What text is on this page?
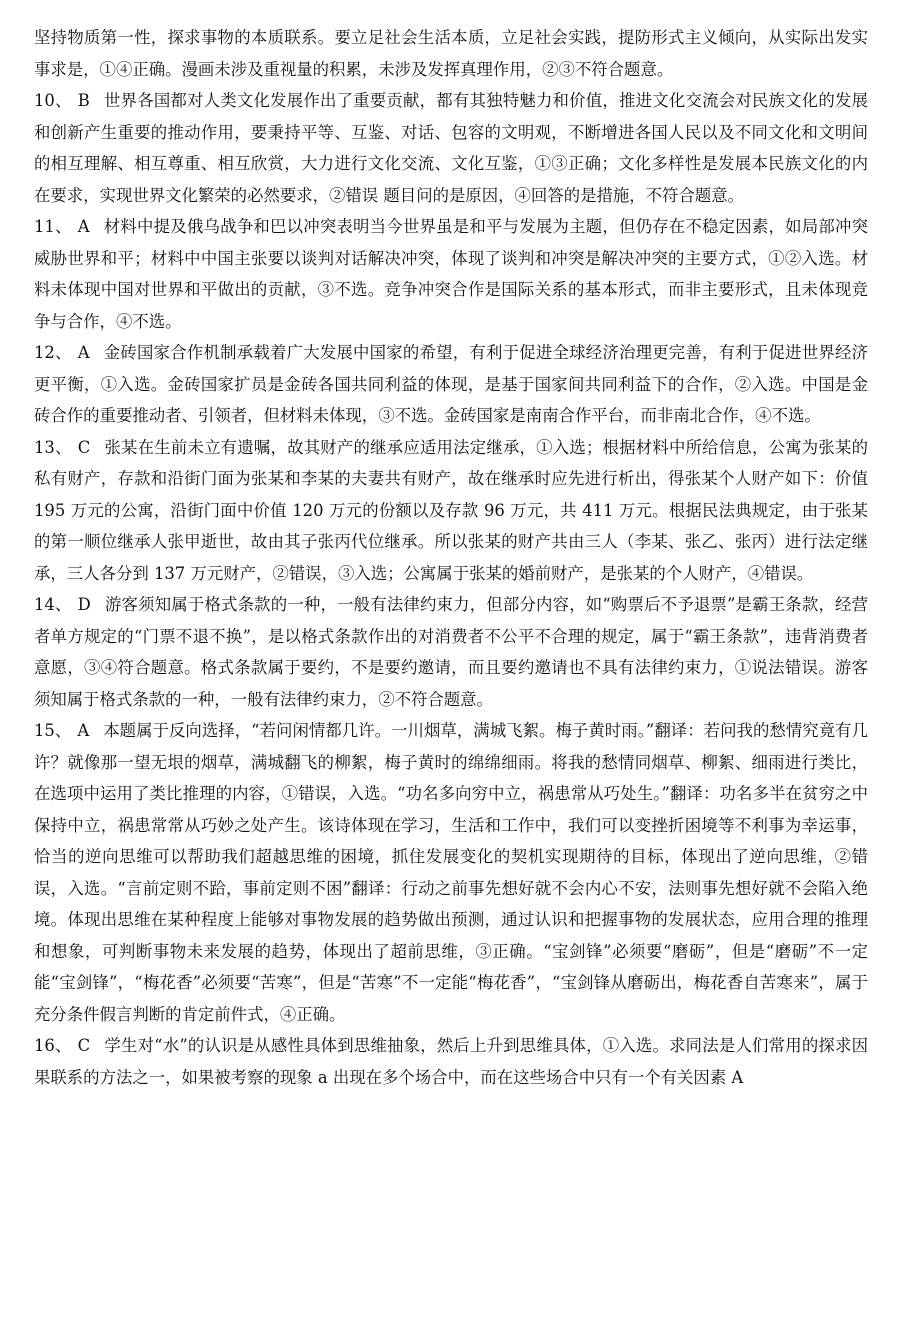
坚持物质第一性，探求事物的本质联系。要立足社会生活本质，立足社会实践，提防形式主义倾向，从实际出发实事求是，①④正确。漫画未涉及重视量的积累，未涉及发挥真理作用，②③不符合题意。

10、 B 世界各国都对人类文化发展作出了重要贡献，都有其独特魅力和价值，推进文化交流会对民族文化的发展和创新产生重要的推动作用，要秉持平等、互鉴、对话、包容的文明观，不断增进各国人民以及不同文化和文明间的相互理解、相互尊重、相互欣赏，大力进行文化交流、文化互鉴，①③正确；文化多样性是发展本民族文化的内在要求，实现世界文化繁荣的必然要求，②错误 题目问的是原因，④回答的是措施，不符合题意。

11、 A 材料中提及俄乌战争和巴以冲突表明当今世界虽是和平与发展为主题，但仍存在不稳定因素，如局部冲突威胁世界和平；材料中中国主张要以谈判对话解决冲突，体现了谈判和冲突是解决冲突的主要方式，①②入选。材料未体现中国对世界和平做出的贡献，③不选。竞争冲突合作是国际关系的基本形式，而非主要形式，且未体现竞争与合作，④不选。

12、 A 金砖国家合作机制承载着广大发展中国家的希望，有利于促进全球经济治理更完善，有利于促进世界经济更平衡，①入选。金砖国家扩员是金砖各国共同利益的体现，是基于国家间共同利益下的合作，②入选。中国是金砖合作的重要推动者、引领者，但材料未体现，③不选。金砖国家是南南合作平台，而非南北合作，④不选。

13、 C 张某在生前未立有遗嘱，故其财产的继承应适用法定继承，①入选；根据材料中所给信息，公寓为张某的私有财产，存款和沿街门面为张某和李某的夫妻共有财产，故在继承时应先进行析出，得张某个人财产如下：价值 195 万元的公寓，沿街门面中价值 120 万元的份额以及存款 96 万元，共 411 万元。根据民法典规定，由于张某的第一顺位继承人张甲逝世，故由其子张丙代位继承。所以张某的财产共由三人（李某、张乙、张丙）进行法定继承，三人各分到 137 万元财产，②错误，③入选；公寓属于张某的婚前财产，是张某的个人财产，④错误。

14、 D 游客须知属于格式条款的一种，一般有法律约束力，但部分内容，如“购票后不予退票”是霸王条款，经营者单方规定的“门票不退不换”，是以格式条款作出的对消费者不公平不合理的规定，属于“霸王条款”，违背消费者意愿，③④符合题意。格式条款属于要约，不是要约邀请，而且要约邀请也不具有法律约束力，①说法错误。游客须知属于格式条款的一种，一般有法律约束力，②不符合题意。

15、 A 本题属于反向选择，“若问闲情都几许。一川烟草，满城飞絮。梅子黄时雨。”翻译：若问我的愁情究竟有几许？就像那一望无垠的烟草，满城翻飞的柳絮，梅子黄时的绵绵细雨。将我的愁情同烟草、柳絮、细雨进行类比，在选项中运用了类比推理的内容，①错误，入选。“功名多向穷中立，祸患常从巧处生。”翻译：功名多半在贫穷之中保持中立，祸患常常从巧妙之处产生。该诗体现在学习，生活和工作中，我们可以变挫折困境等不利事为幸运事，恰当的逆向思维可以帮助我们超越思维的困境，抓住发展变化的契机实现期待的目标，体现出了逆向思维，②错误，入选。“言前定则不跲，事前定则不困”翻译：行动之前事先想好就不会内心不安，法则事先想好就不会陷入绝境。体现出思维在某种程度上能够对事物发展的趋势做出预测，通过认识和把握事物的发展状态，应用合理的推理和想象，可判断事物未来发展的趋势，体现出了超前思维，③正确。“宝剑锋”必须要“磨砺”，但是“磨砺”不一定能“宝剑锋”，“梅花香”必须要“苦寒”，但是“苦寒”不一定能“梅花香”，“宝剑锋从磨砺出，梅花香自苦寒来”，属于充分条件假言判断的肯定前件式，④正确。

16、 C 学生对“水”的认识是从感性具体到思维抽象，然后上升到思维具体，①入选。求同法是人们常用的探求因果联系的方法之一，如果被考察的现象 a 出现在多个场合中，而在这些场合中只有一个有关因素 A
